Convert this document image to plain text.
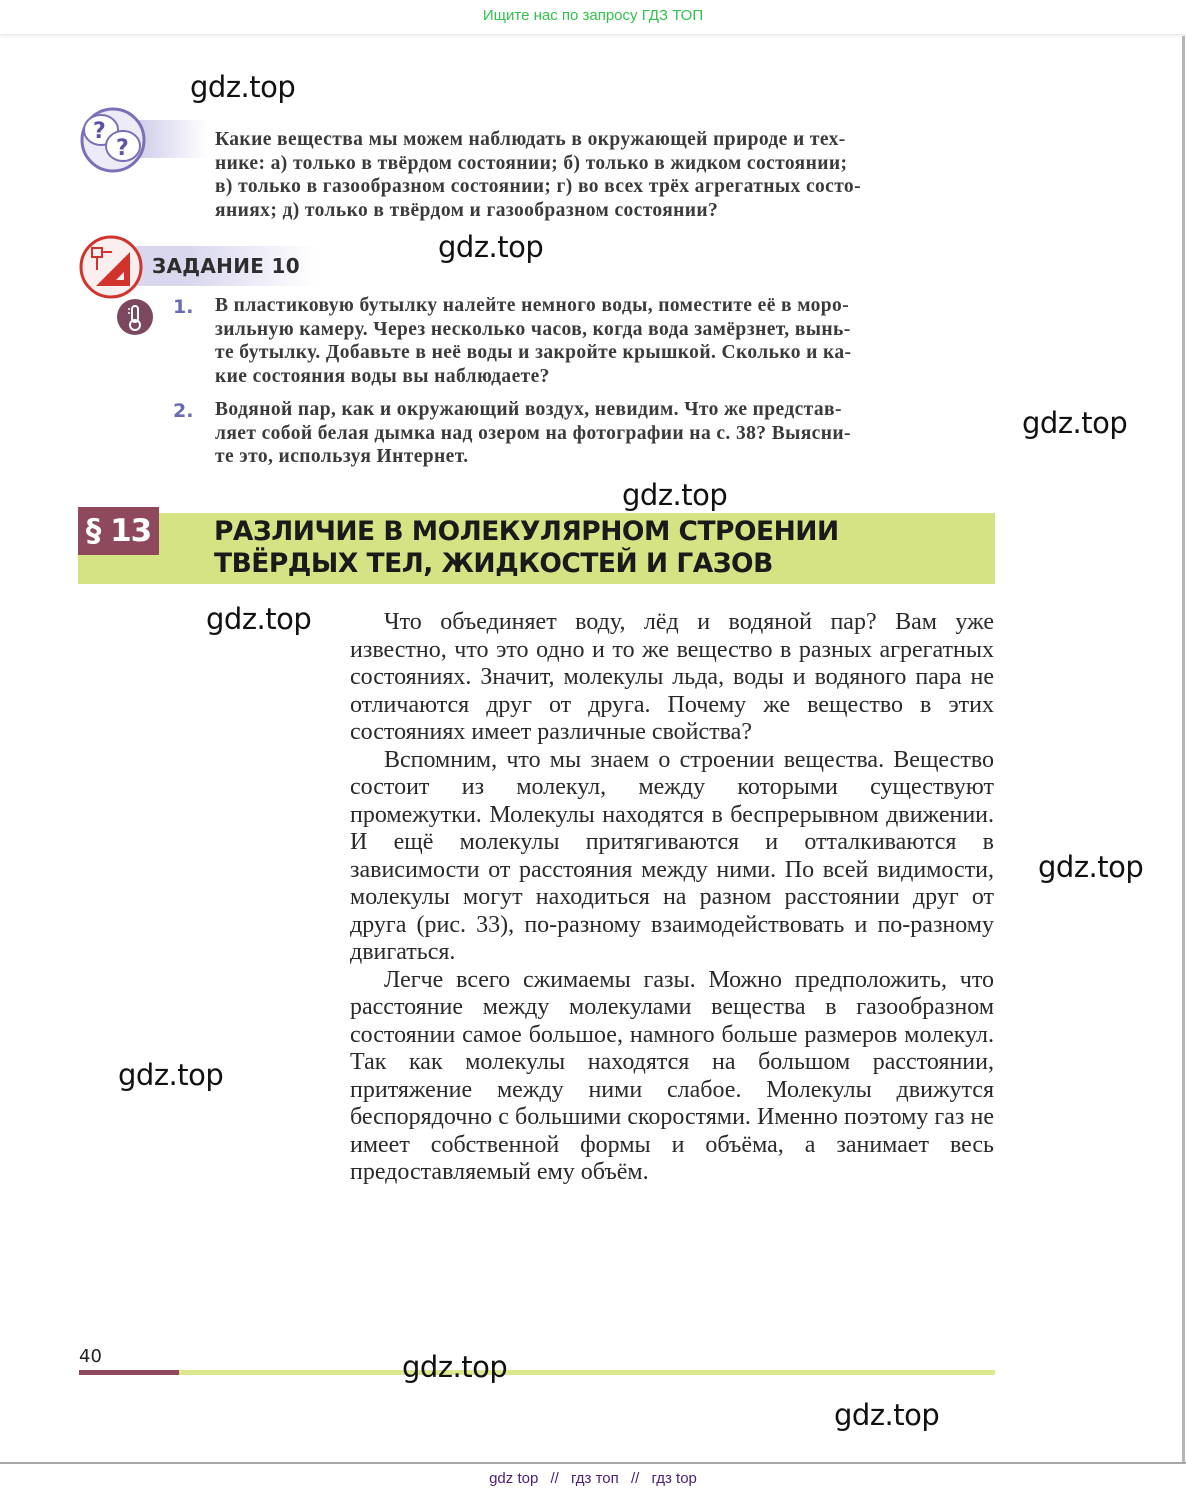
Ищите нас по запросу ГДЗ ТОП
?
?	Какие вещества мы можем наблюдать в окружающей природе и тех-
нике: а) только в твёрдом состоянии; б) только в жидком состоянии;
в) только в газообразном состоянии; г) во всех трёх агрегатных состо-
яниях; д) только в твёрдом и газообразном состоянии?
ЗАДАНИЕ 10
1. В пластиковую бутылку налейте немного воды, поместите её в моро-
зильную камеру. Через несколько часов, когда вода замёрзнет, вынь-
те бутылку. Добавьте в неё воды и закройте крышкой. Сколько и ка-
кие состояния воды вы наблюдаете?
2. Водяной пар, как и окружающий воздух, невидим. Что же представ-
ляет собой белая дымка над озером на фотографии на с. 38? Выясни-
те это, используя Интернет.
§ 13 РАЗЛИЧИЕ В МОЛЕКУЛЯРНОМ СТРОЕНИИ
ТВЁРДЫХ ТЕЛ, ЖИДКОСТЕЙ И ГАЗОВ

Что объединяет воду, лёд и водяной пар? Вам уже известно, что это одно и то же вещество в разных агрегатных состояниях. Значит, молекулы льда, воды и водяного пара не отличаются друг от друга. Почему же вещество в этих состояниях имеет различные свойства?

Вспомним, что мы знаем о строении вещества. Вещество состоит из молекул, между которыми существуют промежутки. Молекулы находятся в беспрерывном движении. И ещё молекулы притягиваются и отталкиваются в зависимости от расстояния между ними. По всей видимости, молекулы могут находиться на разном расстоянии друг от друга (рис. 33), по-разному взаимодействовать и по-разному двигаться.

Легче всего сжимаемы газы. Можно предположить, что расстояние между молекулами вещества в газообразном состоянии самое большое, намного больше размеров молекул. Так как молекулы находятся на большом расстоянии, притяжение между ними слабое. Молекулы движутся беспорядочно с большими скоростями. Именно поэтому газ не имеет собственной формы и объёма, а занимает весь предоставляемый ему объём.

40
gdz.top
gdz.top
gdz.top
gdz.top
gdz.top
gdz.top
gdz.top
gdz.top
gdz.top
gdz top // гдз топ // гдз top
